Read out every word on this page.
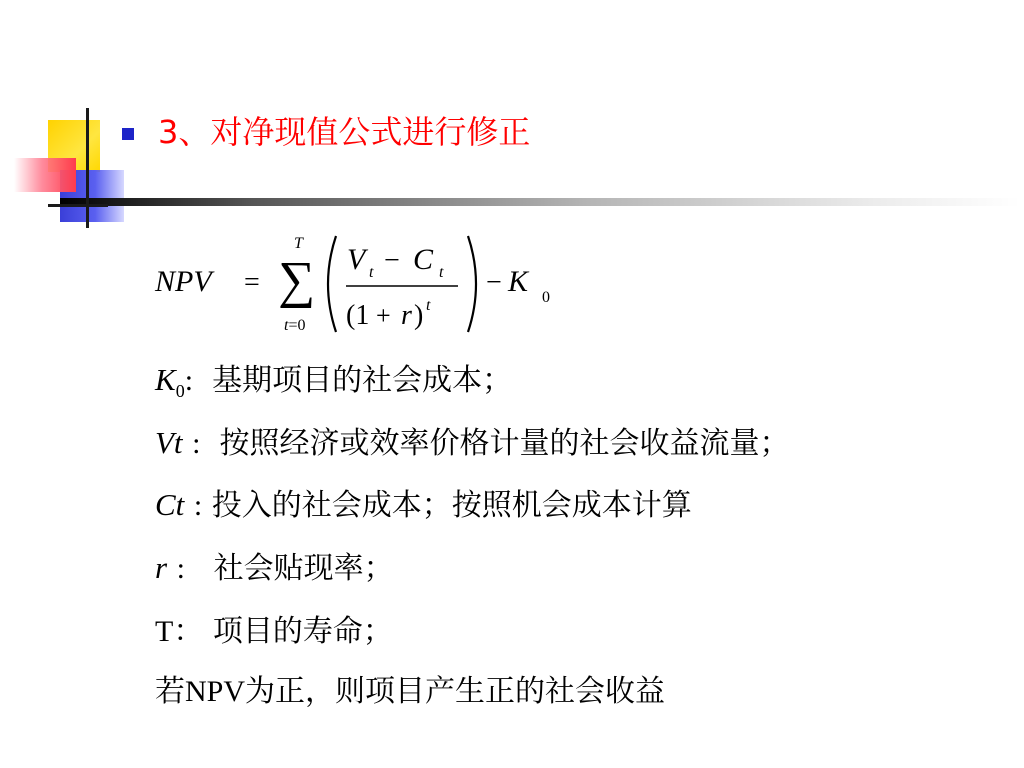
3、对净现值公式进行修正
NPV =
T
∑
t=0
V t − C t
(1 + r ) t
− K 0
$K_0$: 基期项目的社会成本；
Vt : 按照经济或效率价格计量的社会收益流量；
Ct : 投入的社会成本；按照机会成本计算
r : 社会贴现率；
T： 项目的寿命；
若NPV为正，则项目产生正的社会收益
